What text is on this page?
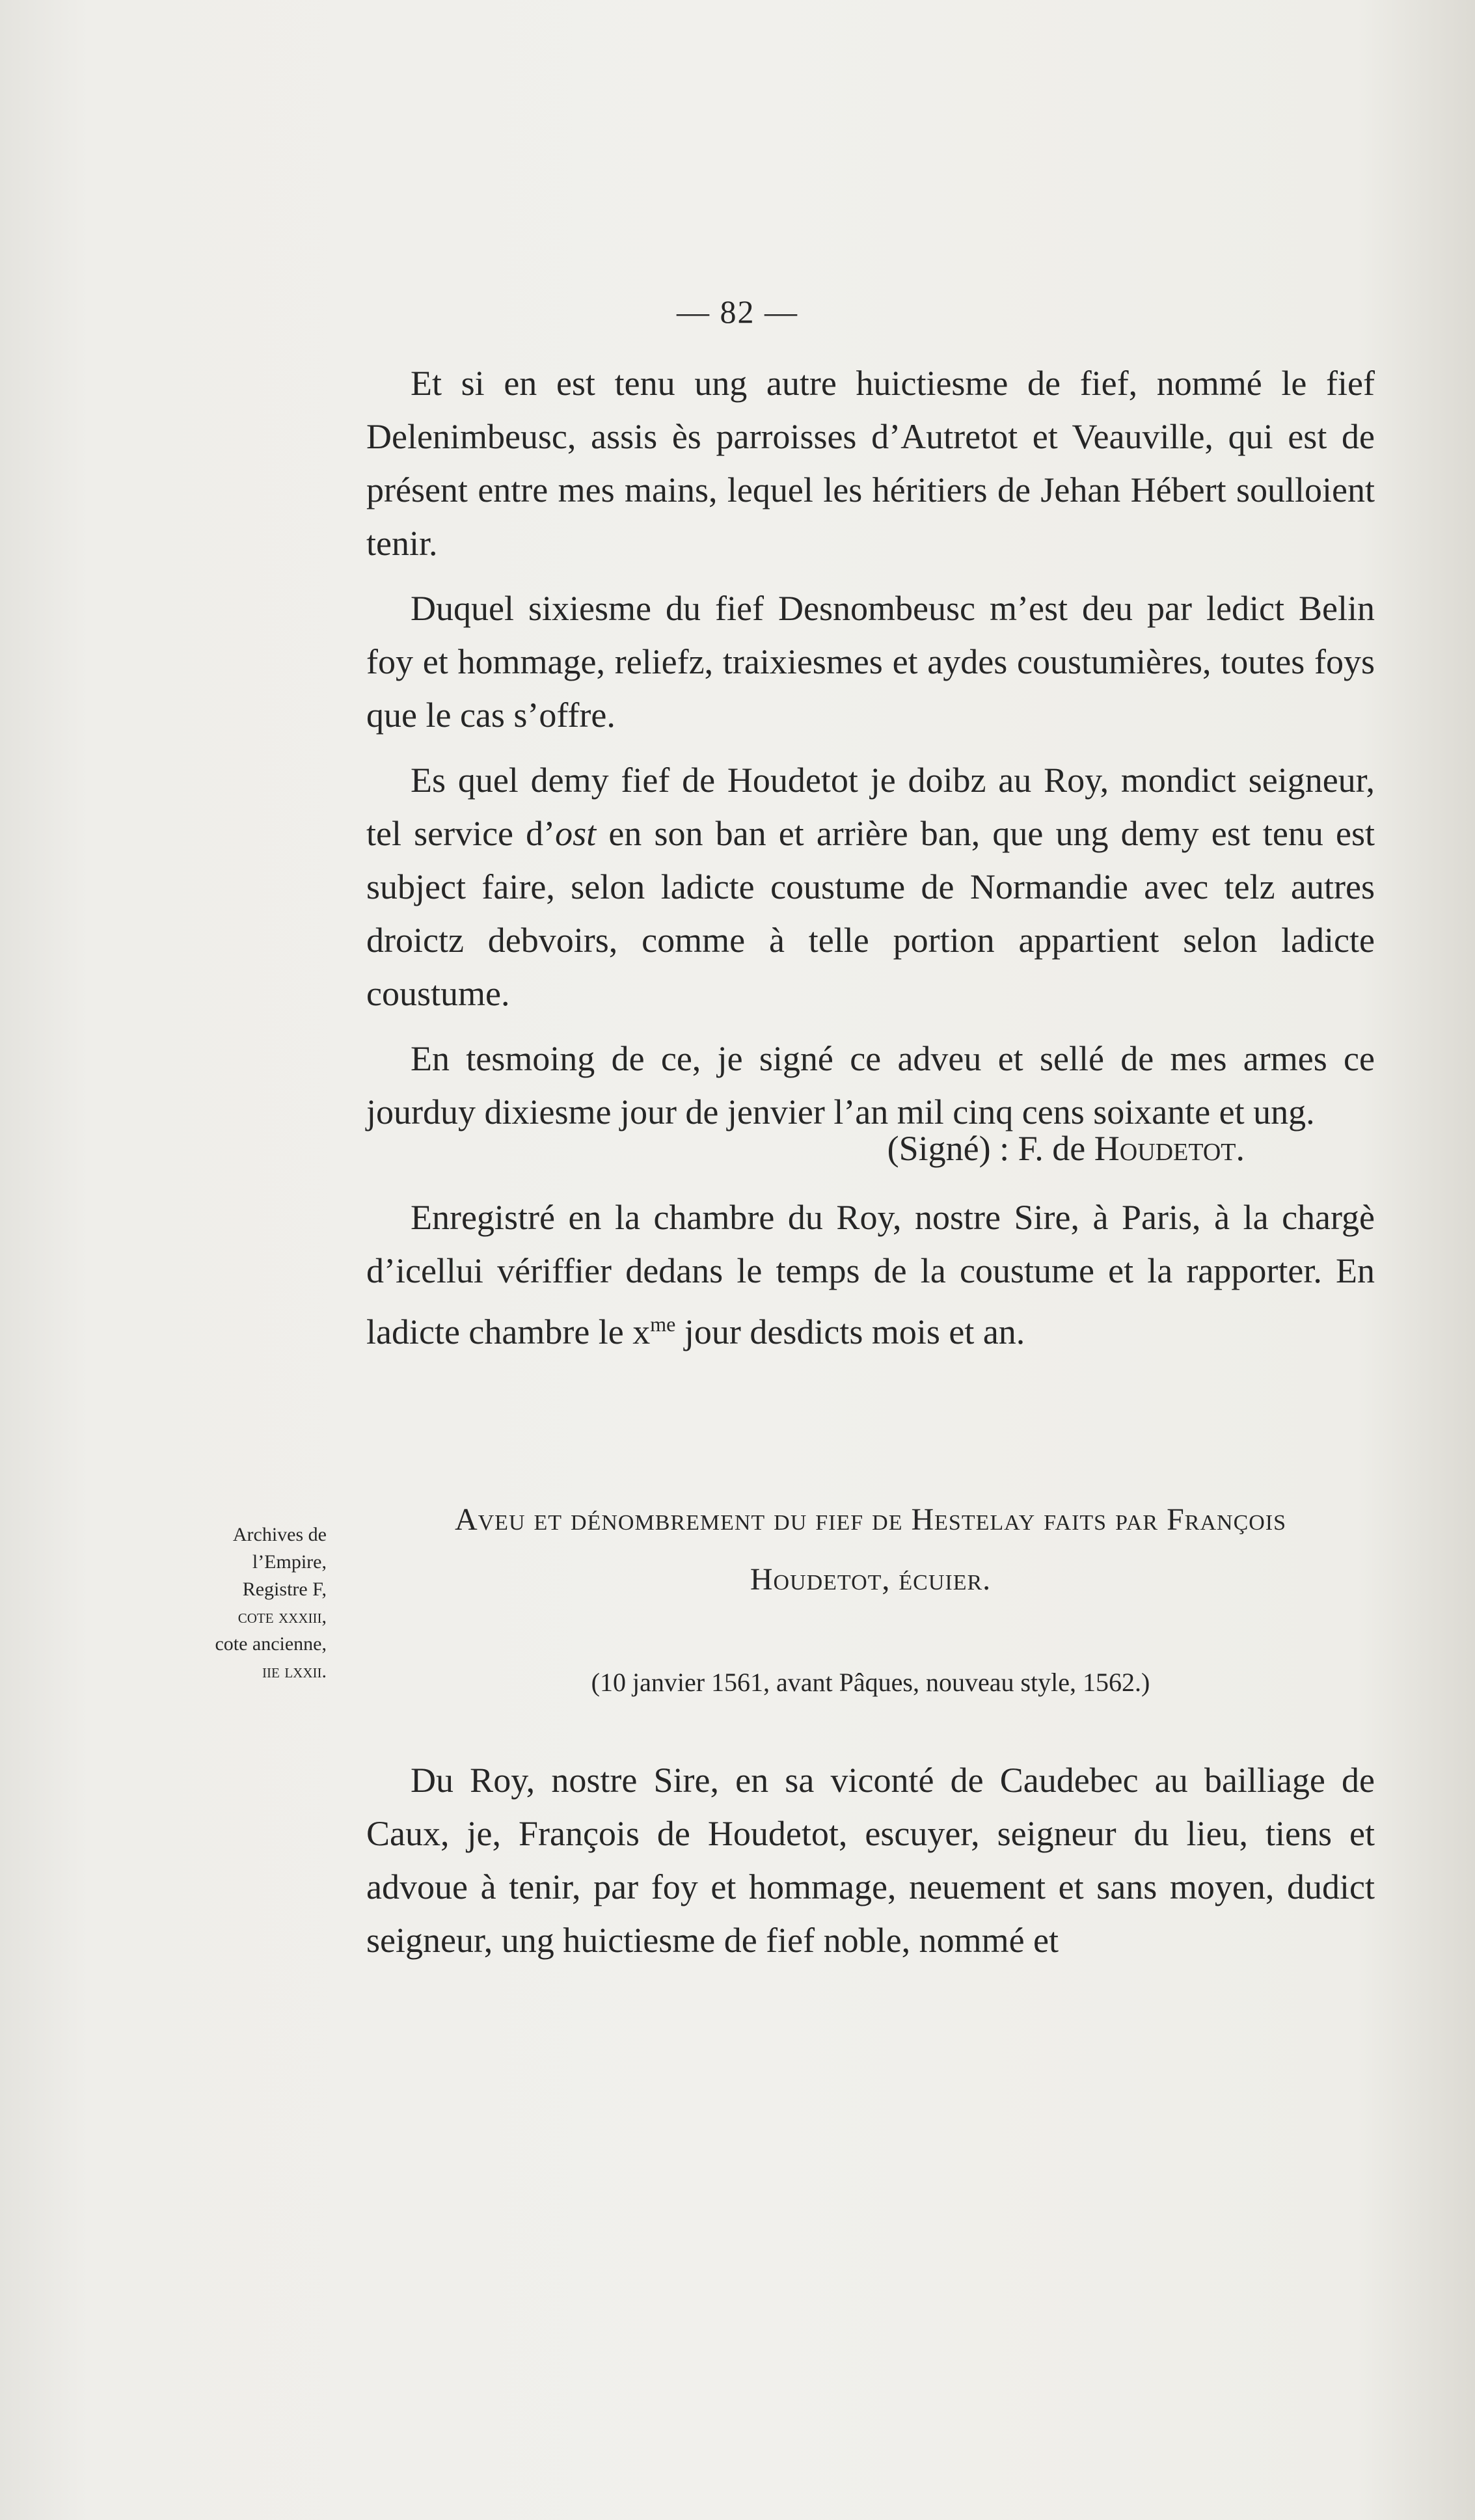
— 82 —

Et si en est tenu ung autre huictiesme de fief, nommé le fief Delenimbeusc, assis ès parroisses d’Autretot et Veauville, qui est de présent entre mes mains, lequel les héritiers de Jehan Hébert soulloient tenir.

Duquel sixiesme du fief Desnombeusc m’est deu par ledict Belin foy et hommage, reliefz, traixiesmes et aydes coustumières, toutes foys que le cas s’offre.

Es quel demy fief de Houdetot je doibz au Roy, mondict seigneur, tel service d’ost en son ban et arrière ban, que ung demy est tenu est subject faire, selon ladicte coustume de Normandie avec telz autres droictz debvoirs, comme à telle portion appartient selon ladicte coustume.

En tesmoing de ce, je signé ce adveu et sellé de mes armes ce jourduy dixiesme jour de jenvier l’an mil cinq cens soixante et ung.

(Signé) : F. de Houdetot.

Enregistré en la chambre du Roy, nostre Sire, à Paris, à la chargè d’icellui vériffier dedans le temps de la coustume et la rapporter. En ladicte chambre le $x^{me}$ jour desdicts mois et an.

Archives de
l’Empire,
Registre F,
cote xxxiii,
cote ancienne,
iie lxxii.
Aveu et dénombrement du fief de Hestelay faits par François
Houdetot, écuier.
(10 janvier 1561, avant Pâques, nouveau style, 1562.)

Du Roy, nostre Sire, en sa viconté de Caudebec au bailliage de Caux, je, François de Houdetot, escuyer, seigneur du lieu, tiens et advoue à tenir, par foy et hommage, neuement et sans moyen, dudict seigneur, ung huictiesme de fief noble, nommé et
